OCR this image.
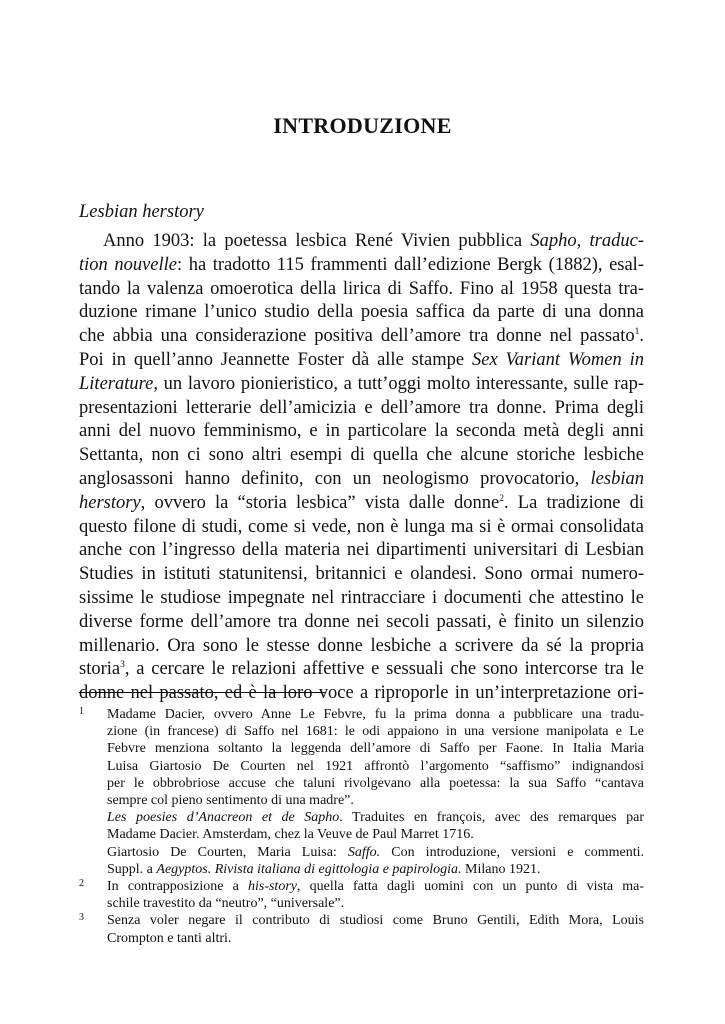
INTRODUZIONE
Lesbian herstory
Anno 1903: la poetessa lesbica René Vivien pubblica Sapho, traduc-
tion nouvelle: ha tradotto 115 frammenti dall’edizione Bergk (1882), esal-
tando la valenza omoerotica della lirica di Saffo. Fino al 1958 questa tra-
duzione rimane l’unico studio della poesia saffica da parte di una donna
che abbia una considerazione positiva dell’amore tra donne nel passato$^1$.
Poi in quell’anno Jeannette Foster dà alle stampe Sex Variant Women in
Literature, un lavoro pionieristico, a tutt’oggi molto interessante, sulle rap-
presentazioni letterarie dell’amicizia e dell’amore tra donne. Prima degli
anni del nuovo femminismo, e in particolare la seconda metà degli anni
Settanta, non ci sono altri esempi di quella che alcune storiche lesbiche
anglosassoni hanno definito, con un neologismo provocatorio, lesbian
herstory, ovvero la “storia lesbica” vista dalle donne$^2$. La tradizione di
questo filone di studi, come si vede, non è lunga ma si è ormai consolidata
anche con l’ingresso della materia nei dipartimenti universitari di Lesbian
Studies in istituti statunitensi, britannici e olandesi. Sono ormai numero-
sissime le studiose impegnate nel rintracciare i documenti che attestino le
diverse forme dell’amore tra donne nei secoli passati, è finito un silenzio
millenario. Ora sono le stesse donne lesbiche a scrivere da sé la propria
storia$^3$, a cercare le relazioni affettive e sessuali che sono intercorse tra le
donne nel passato, ed è la loro voce a riproporle in un’interpretazione ori-
1 Madame Dacier, ovvero Anne Le Febvre, fu la prima donna a pubblicare una tradu-
zione (in francese) di Saffo nel 1681: le odi appaiono in una versione manipolata e Le
Febvre menziona soltanto la leggenda dell’amore di Saffo per Faone. In Italia Maria
Luisa Giartosio De Courten nel 1921 affrontò l’argomento “saffismo” indignandosi
per le obbrobriose accuse che taluni rivolgevano alla poetessa: la sua Saffo “cantava
sempre col pieno sentimento di una madre”.
Les poesies d’Anacreon et de Sapho. Traduites en françois, avec des remarques par
Madame Dacier. Amsterdam, chez la Veuve de Paul Marret 1716.
Giartosio De Courten, Maria Luisa: Saffo. Con introduzione, versioni e commenti.
Suppl. a Aegyptos. Rivista italiana di egittologia e papirologia. Milano 1921.
2 In contrapposizione a his-story, quella fatta dagli uomini con un punto di vista ma-
schile travestito da “neutro”, “universale”.
3 Senza voler negare il contributo di studiosi come Bruno Gentili, Edith Mora, Louis
Crompton e tanti altri.
